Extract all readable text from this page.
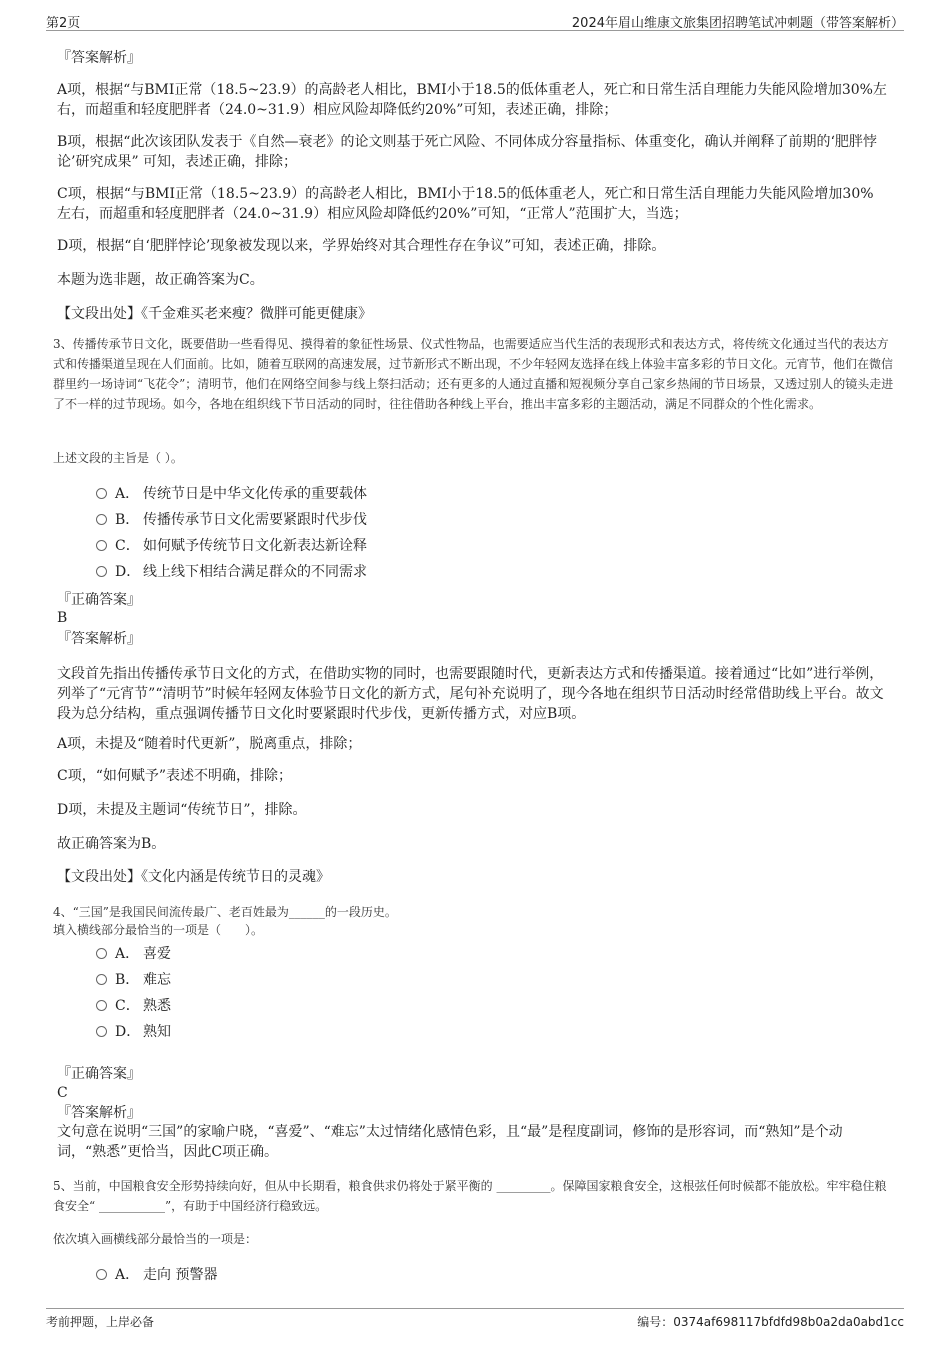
第2页	2024年眉山维康文旅集团招聘笔试冲刺题（带答案解析）
『答案解析』
A项，根据“与BMI正常（18.5~23.9）的高龄老人相比，BMI小于18.5的低体重老人，死亡和日常生活自理能力失能风险增加30%左右，而超重和轻度肥胖者（24.0~31.9）相应风险却降低约20%”可知，表述正确，排除；
B项，根据“此次该团队发表于《自然—衰老》的论文则基于死亡风险、不同体成分容量指标、体重变化，确认并阐释了前期的‘肥胖悖论’研究成果” 可知，表述正确，排除；
C项，根据“与BMI正常（18.5~23.9）的高龄老人相比，BMI小于18.5的低体重老人，死亡和日常生活自理能力失能风险增加30%左右，而超重和轻度肥胖者（24.0~31.9）相应风险却降低约20%”可知，“正常人”范围扩大，当选；
D项，根据“自‘肥胖悖论’现象被发现以来，学界始终对其合理性存在争议”可知，表述正确，排除。
本题为选非题，故正确答案为C。
【文段出处】《千金难买老来瘦？微胖可能更健康》
3、传播传承节日文化，既要借助一些看得见、摸得着的象征性场景、仪式性物品，也需要适应当代生活的表现形式和表达方式，将传统文化通过当代的表达方式和传播渠道呈现在人们面前。比如，随着互联网的高速发展，过节新形式不断出现，不少年轻网友选择在线上体验丰富多彩的节日文化。元宵节，他们在微信群里约一场诗词“飞花令”；清明节，他们在网络空间参与线上祭扫活动；还有更多的人通过直播和短视频分享自己家乡热闹的节日场景，又透过别人的镜头走进了不一样的过节现场。如今，各地在组织线下节日活动的同时，往往借助各种线上平台，推出丰富多彩的主题活动，满足不同群众的个性化需求。
上述文段的主旨是（ ）。
A． 传统节日是中华文化传承的重要载体
B． 传播传承节日文化需要紧跟时代步伐
C． 如何赋予传统节日文化新表达新诠释
D． 线上线下相结合满足群众的不同需求
『正确答案』
B
『答案解析』
文段首先指出传播传承节日文化的方式，在借助实物的同时，也需要跟随时代，更新表达方式和传播渠道。接着通过“比如”进行举例，列举了“元宵节”“清明节”时候年轻网友体验节日文化的新方式，尾句补充说明了，现今各地在组织节日活动时经常借助线上平台。故文段为总分结构，重点强调传播节日文化时要紧跟时代步伐，更新传播方式，对应B项。
A项，未提及“随着时代更新”，脱离重点，排除；
C项，“如何赋予”表述不明确，排除；
D项，未提及主题词“传统节日”，排除。
故正确答案为B。
【文段出处】《文化内涵是传统节日的灵魂》
4、“三国”是我国民间流传最广、老百姓最为______的一段历史。
填入横线部分最恰当的一项是（　　）。
A． 喜爱
B． 难忘
C． 熟悉
D． 熟知
『正确答案』
C
『答案解析』
文句意在说明“三国”的家喻户晓，“喜爱”、“难忘”太过情绪化感情色彩，且“最”是程度副词，修饰的是形容词，而“熟知”是个动词，“熟悉”更恰当，因此C项正确。
5、当前，中国粮食安全形势持续向好，但从中长期看，粮食供求仍将处于紧平衡的 _________。保障国家粮食安全，这根弦任何时候都不能放松。牢牢稳住粮食安全“ ___________”，有助于中国经济行稳致远。
依次填入画横线部分最恰当的一项是：
A． 走向 预警器
考前押题，上岸必备	编号：0374af698117bfdfd98b0a2da0abd1cc
